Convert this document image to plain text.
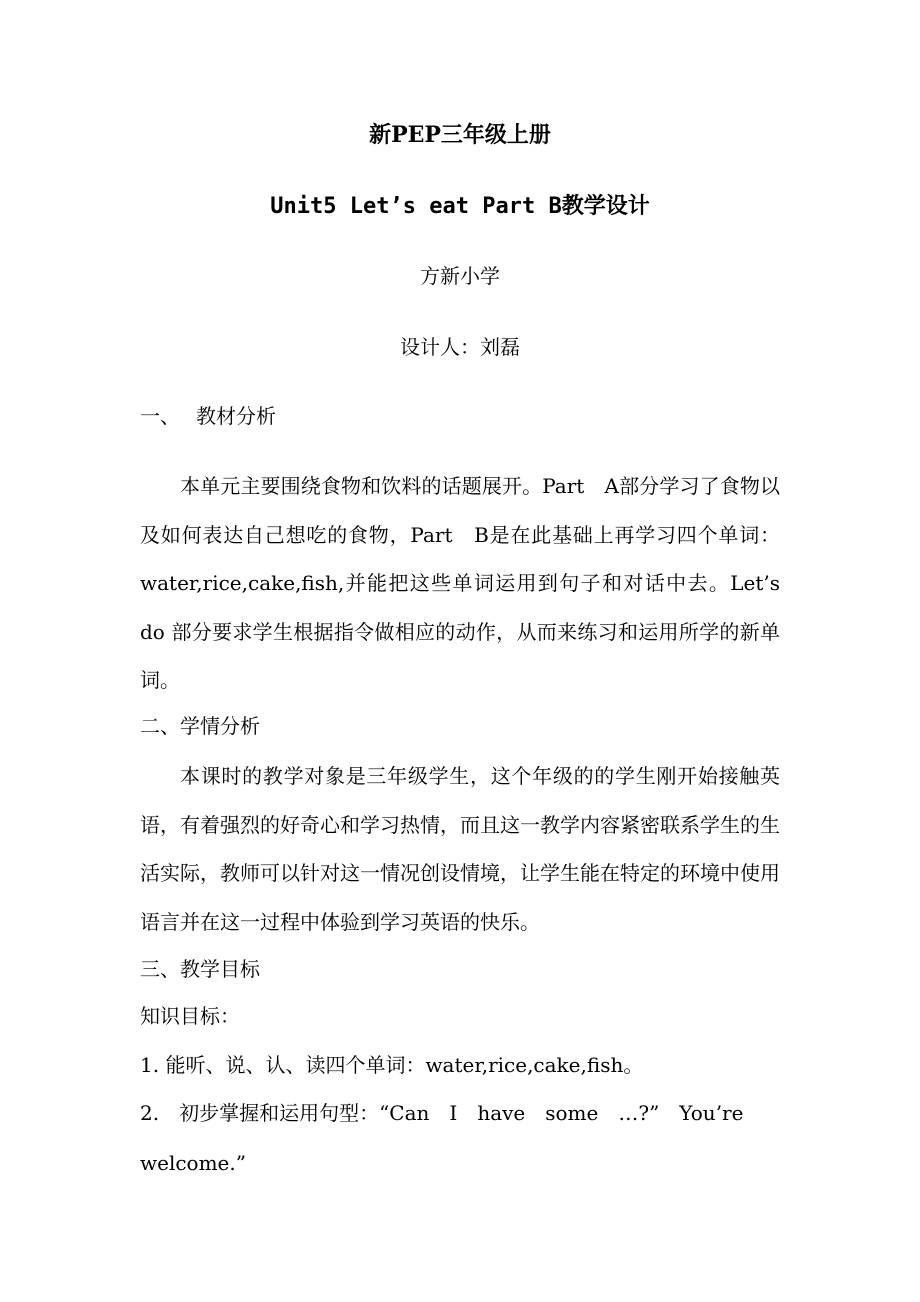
新PEP三年级上册
Unit5 Let’s eat Part B教学设计
方新小学
设计人：刘磊
一、 教材分析

本单元主要围绕食物和饮料的话题展开。Part　A部分学习了食物以及如何表达自己想吃的食物，Part　B是在此基础上再学习四个单词：water,rice,cake,fish,并能把这些单词运用到句子和对话中去。Let’s do 部分要求学生根据指令做相应的动作，从而来练习和运用所学的新单词。

二、学情分析

本课时的教学对象是三年级学生，这个年级的的学生刚开始接触英语，有着强烈的好奇心和学习热情，而且这一教学内容紧密联系学生的生活实际，教师可以针对这一情况创设情境，让学生能在特定的环境中使用语言并在这一过程中体验到学习英语的快乐。

三、教学目标
知识目标：

1. 能听、说、认、读四个单词：water,rice,cake,fish。

2.　初步掌握和运用句型：“Can　I　have　some　…?”　You’re welcome.”
